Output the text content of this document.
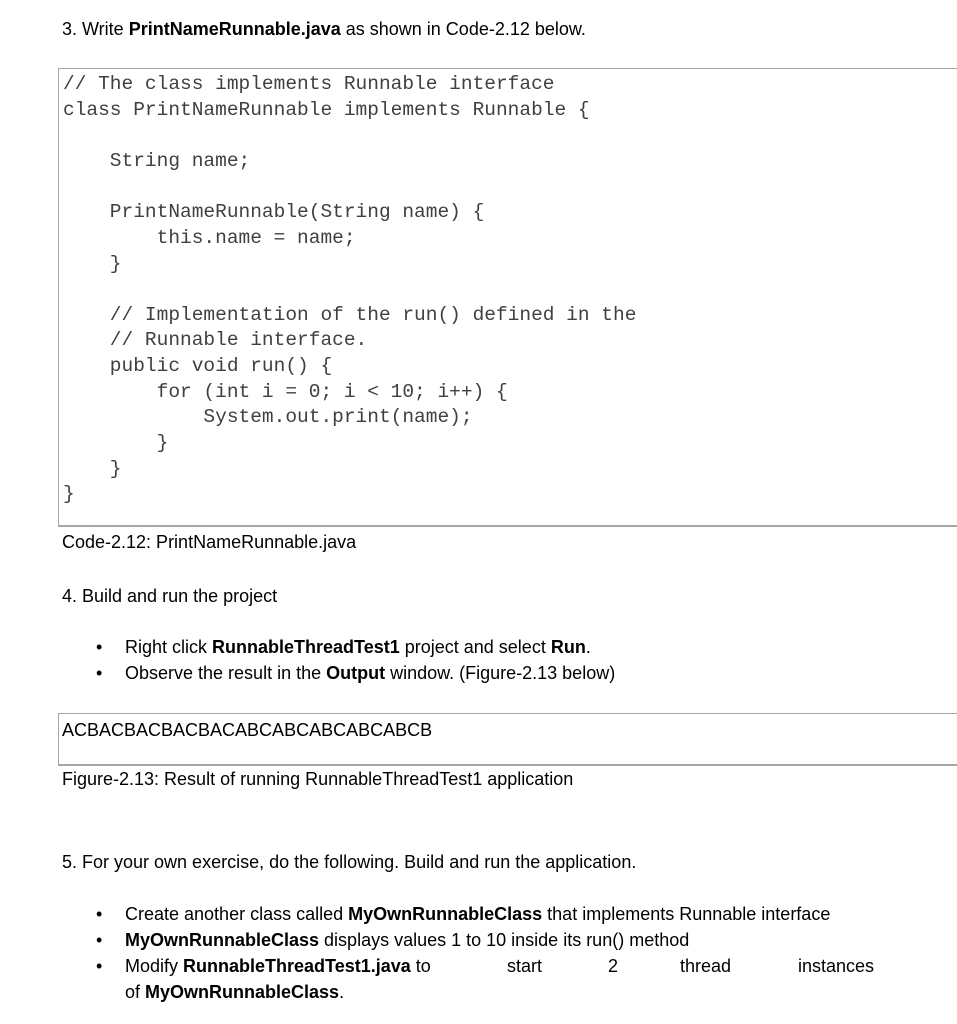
3. Write PrintNameRunnable.java as shown in Code-2.12 below.
// The class implements Runnable interface
class PrintNameRunnable implements Runnable {
String name;
PrintNameRunnable(String name) {
this.name = name;
}
// Implementation of the run() defined in the
// Runnable interface.
public void run() {
for (int i = 0; i < 10; i++) {
System.out.print(name);
}
}
}
Code-2.12: PrintNameRunnable.java
4. Build and run the project
• Right click RunnableThreadTest1 project and select Run.
• Observe the result in the Output window. (Figure-2.13 below)
ACBACBACBACBACABCABCABCABCABCB
Figure-2.13: Result of running RunnableThreadTest1 application
5. For your own exercise, do the following. Build and run the application.
• Create another class called MyOwnRunnableClass that implements Runnable interface
• MyOwnRunnableClass displays values 1 to 10 inside its run() method
• Modify RunnableThreadTest1.java to	start	2	thread	instances
of MyOwnRunnableClass.
